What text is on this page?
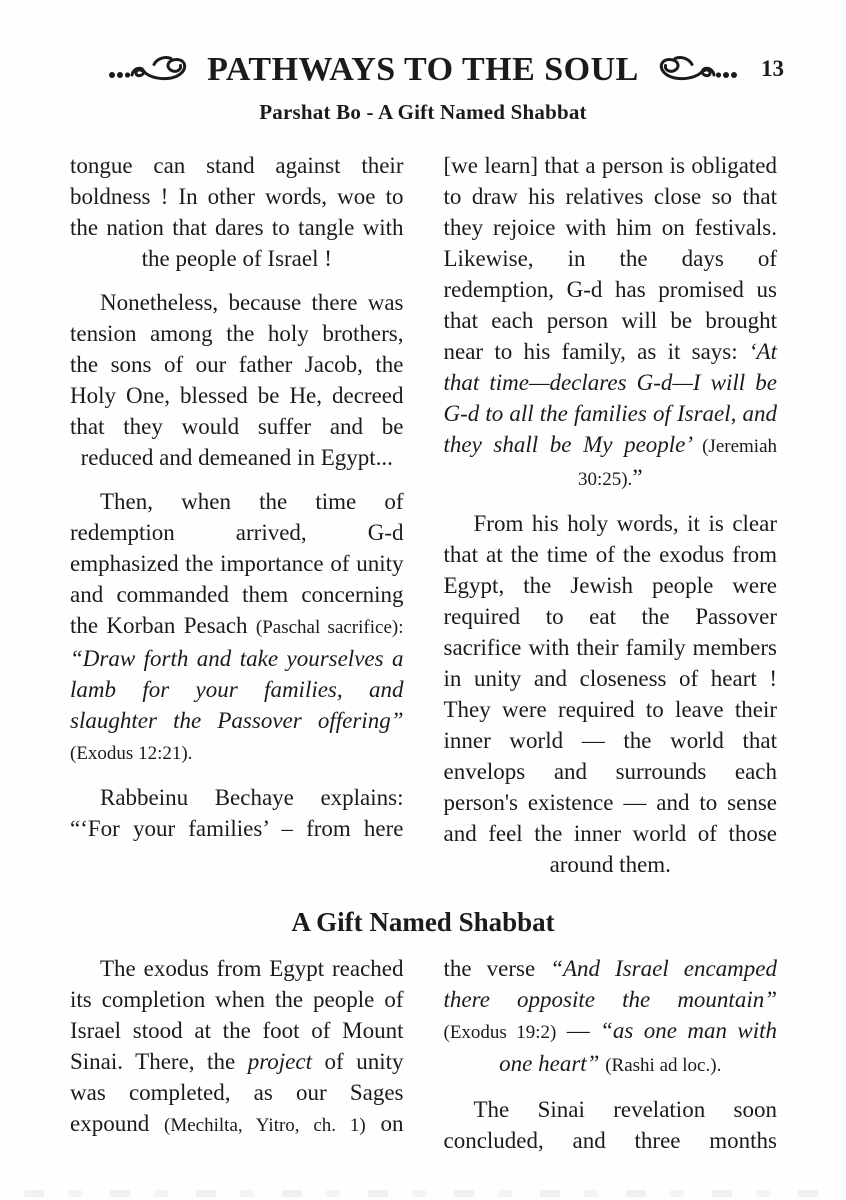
PATHWAYS TO THE SOUL	13
Parshat Bo - A Gift Named Shabbat

tongue can stand against their boldness ! In other words, woe to the nation that dares to tangle with the people of Israel !

Nonetheless, because there was tension among the holy brothers, the sons of our father Jacob, the Holy One, blessed be He, decreed that they would suffer and be reduced and demeaned in Egypt...

Then, when the time of redemption arrived, G-d emphasized the importance of unity and commanded them concerning the Korban Pesach (Paschal sacrifice): “Draw forth and take yourselves a lamb for your families, and slaughter the Passover offering” (Exodus 12:21).

Rabbeinu Bechaye explains: “‘For your families’ – from here

[we learn] that a person is obligated to draw his relatives close so that they rejoice with him on festivals. Likewise, in the days of redemption, G-d has promised us that each person will be brought near to his family, as it says: ‘At that time—declares G-d—I will be G-d to all the families of Israel, and they shall be My people’ (Jeremiah 30:25).”

From his holy words, it is clear that at the time of the exodus from Egypt, the Jewish people were required to eat the Passover sacrifice with their family members in unity and closeness of heart ! They were required to leave their inner world — the world that envelops and surrounds each person's existence — and to sense and feel the inner world of those around them.

A Gift Named Shabbat

The exodus from Egypt reached its completion when the people of Israel stood at the foot of Mount Sinai. There, the project of unity was completed, as our Sages expound (Mechilta, Yitro, ch. 1) on

the verse “And Israel encamped there opposite the mountain” (Exodus 19:2) — “as one man with one heart” (Rashi ad loc.).

The Sinai revelation soon concluded, and three months
